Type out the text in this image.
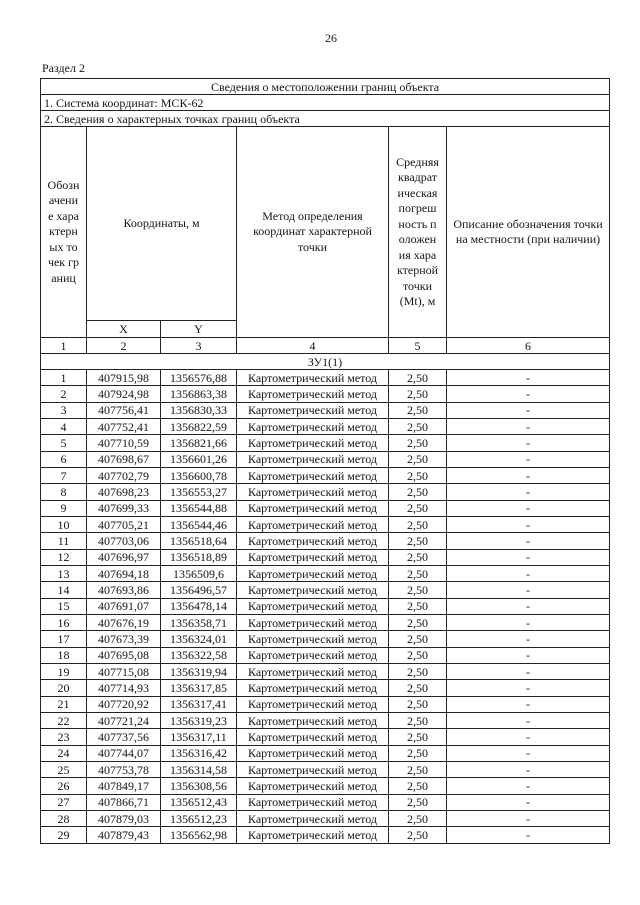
26
Раздел 2
Сведения о местоположении границ объекта					
1. Система координат: МСК-62					
2. Сведения о характерных точках границ объекта					
Обозначение характерных точек границ	Координаты, м		Метод определения координат характерной точки	Средняя квадратическая погрешность положения характерной точки (Mt), м	Описание обозначения точки на местности (при наличии)
	X	Y			
1	2	3	4	5	6
ЗУ1(1)					
1	407915,98	1356576,88	Картометрический метод	2,50	-
2	407924,98	1356863,38	Картометрический метод	2,50	-
3	407756,41	1356830,33	Картометрический метод	2,50	-
4	407752,41	1356822,59	Картометрический метод	2,50	-
5	407710,59	1356821,66	Картометрический метод	2,50	-
6	407698,67	1356601,26	Картометрический метод	2,50	-
7	407702,79	1356600,78	Картометрический метод	2,50	-
8	407698,23	1356553,27	Картометрический метод	2,50	-
9	407699,33	1356544,88	Картометрический метод	2,50	-
10	407705,21	1356544,46	Картометрический метод	2,50	-
11	407703,06	1356518,64	Картометрический метод	2,50	-
12	407696,97	1356518,89	Картометрический метод	2,50	-
13	407694,18	1356509,6	Картометрический метод	2,50	-
14	407693,86	1356496,57	Картометрический метод	2,50	-
15	407691,07	1356478,14	Картометрический метод	2,50	-
16	407676,19	1356358,71	Картометрический метод	2,50	-
17	407673,39	1356324,01	Картометрический метод	2,50	-
18	407695,08	1356322,58	Картометрический метод	2,50	-
19	407715,08	1356319,94	Картометрический метод	2,50	-
20	407714,93	1356317,85	Картометрический метод	2,50	-
21	407720,92	1356317,41	Картометрический метод	2,50	-
22	407721,24	1356319,23	Картометрический метод	2,50	-
23	407737,56	1356317,11	Картометрический метод	2,50	-
24	407744,07	1356316,42	Картометрический метод	2,50	-
25	407753,78	1356314,58	Картометрический метод	2,50	-
26	407849,17	1356308,56	Картометрический метод	2,50	-
27	407866,71	1356512,43	Картометрический метод	2,50	-
28	407879,03	1356512,23	Картометрический метод	2,50	-
29	407879,43	1356562,98	Картометрический метод	2,50	-
